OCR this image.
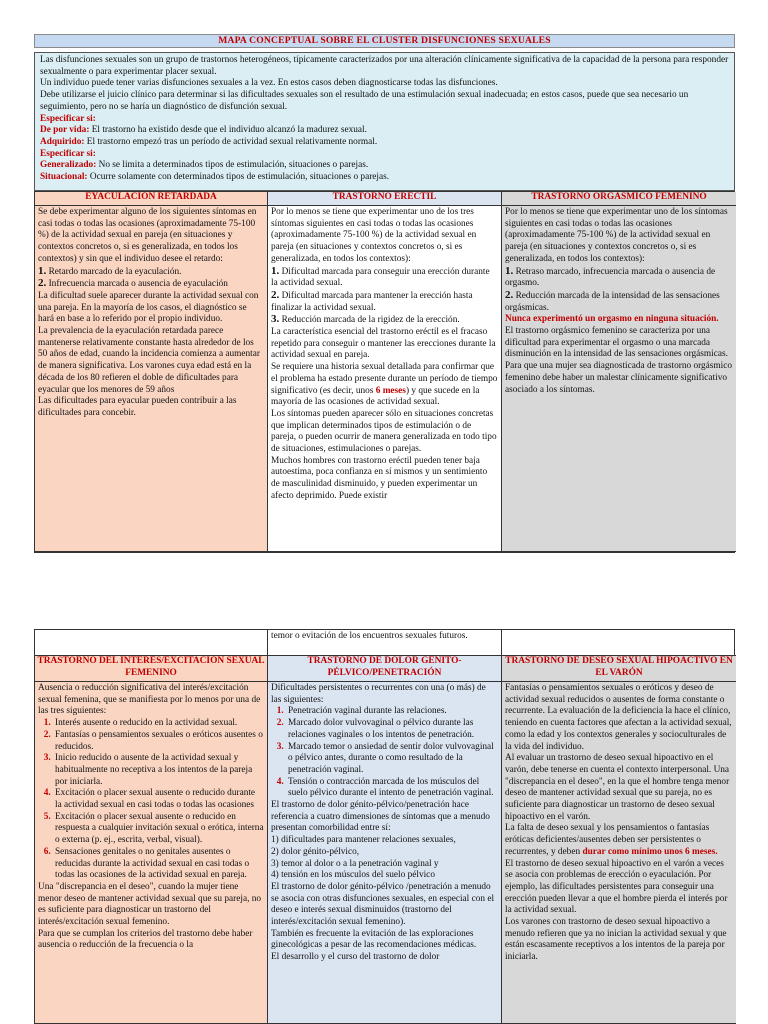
MAPA CONCEPTUAL SOBRE EL CLUSTER DISFUNCIONES SEXUALES

Las disfunciones sexuales son un grupo de trastornos heterogéneos, típicamente caracterizados por una alteración clínicamente significativa de la capacidad de la persona para responder sexualmente o para experimentar placer sexual.

Un individuo puede tener varias disfunciones sexuales a la vez. En estos casos deben diagnosticarse todas las disfunciones.

Debe utilizarse el juicio clínico para determinar si las dificultades sexuales son el resultado de una estimulación sexual inadecuada; en estos casos, puede que sea necesario un seguimiento, pero no se haría un diagnóstico de disfunción sexual.

Especificar si:

De por vida: El trastorno ha existido desde que el individuo alcanzó la madurez sexual.

Adquirido: El trastorno empezó tras un período de actividad sexual relativamente normal.

Especificar si:

Generalizado: No se limita a determinados tipos de estimulación, situaciones o parejas.

Situacional: Ocurre solamente con determinados tipos de estimulación, situaciones o parejas.

EYACULACIÓN RETARDADA	TRASTORNO ERÉCTIL	TRASTORNO ORGÁSMICO FEMENINO

Se debe experimentar alguno de los siguientes síntomas en casi todas o todas las ocasiones (aproximadamente 75-100 %) de la actividad sexual en pareja (en situaciones y contextos concretos o, si es generalizada, en todos los contextos) y sin que el individuo desee el retardo:

1. Retardo marcado de la eyaculación.

2. Infrecuencia marcada o ausencia de eyaculación

La dificultad suele aparecer durante la actividad sexual con una pareja. En la mayoría de los casos, el diagnóstico se hará en base a lo referido por el propio individuo.

La prevalencia de la eyaculación retardada parece mantenerse relativamente constante hasta alrededor de los 50 años de edad, cuando la incidencia comienza a aumentar de manera significativa. Los varones cuya edad está en la década de los 80 refieren el doble de dificultades para eyacular que los menores de 59 años

Las dificultades para eyacular pueden contribuir a las dificultades para concebir.

Por lo menos se tiene que experimentar uno de los tres síntomas siguientes en casi todas o todas las ocasiones (aproximadamente 75-100 %) de la actividad sexual en pareja (en situaciones y contextos concretos o, si es generalizada, en todos los contextos):

1. Dificultad marcada para conseguir una erección durante la actividad sexual.

2. Dificultad marcada para mantener la erección hasta finalizar la actividad sexual.

3. Reducción marcada de la rigidez de la erección.

La característica esencial del trastorno eréctil es el fracaso repetido para conseguir o mantener las erecciones durante la actividad sexual en pareja.

Se requiere una historia sexual detallada para confirmar que el problema ha estado presente durante un período de tiempo significativo (es decir, unos 6 meses) y que sucede en la mayoría de las ocasiones de actividad sexual.

Los síntomas pueden aparecer sólo en situaciones concretas que implican determinados tipos de estimulación o de pareja, o pueden ocurrir de manera generalizada en todo tipo de situaciones, estimulaciones o parejas.

Muchos hombres con trastorno eréctil pueden tener baja autoestima, poca confianza en sí mismos y un sentimiento de masculinidad disminuido, y pueden experimentar un afecto deprimido. Puede existir

Por lo menos se tiene que experimentar uno de los síntomas siguientes en casi todas o todas las ocasiones (aproximadamente 75-100 %) de la actividad sexual en pareja (en situaciones y contextos concretos o, si es generalizada, en todos los contextos):

1. Retraso marcado, infrecuencia marcada o ausencia de orgasmo.

2. Reducción marcada de la intensidad de las sensaciones orgásmicas.

Nunca experimentó un orgasmo en ninguna situación.

El trastorno orgásmico femenino se caracteriza por una dificultad para experimentar el orgasmo o una marcada disminución en la intensidad de las sensaciones orgásmicas.

Para que una mujer sea diagnosticada de trastorno orgásmico femenino debe haber un malestar clínicamente significativo asociado a los síntomas.

temor o evitación de los encuentros sexuales futuros.
TRASTORNO DEL INTERÉS/EXCITACIÓN SEXUAL FEMENINO
TRASTORNO DE DOLOR GENITO-PÉLVICO/PENETRACIÓN
TRASTORNO DE DESEO SEXUAL HIPOACTIVO EN EL VARÓN

Ausencia o reducción significativa del interés/excitación sexual femenina, que se manifiesta por lo menos por una de las tres siguientes:

1. Interés ausente o reducido en la actividad sexual.
2. Fantasías o pensamientos sexuales o eróticos ausentes o reducidos.
3. Inicio reducido o ausente de la actividad sexual y habitualmente no receptiva a los intentos de la pareja por iniciarla.
4. Excitación o placer sexual ausente o reducido durante la actividad sexual en casi todas o todas las ocasiones
5. Excitación o placer sexual ausente o reducido en respuesta a cualquier invitación sexual o erótica, interna o externa (p. ej., escrita, verbal, visual).
6. Sensaciones genitales o no genitales ausentes o reducidas durante la actividad sexual en casi todas o todas las ocasiones de la actividad sexual en pareja.

Una "discrepancia en el deseo", cuando la mujer tiene menor deseo de mantener actividad sexual que su pareja, no es suficiente para diagnosticar un trastorno del interés/excitación sexual femenino.

Para que se cumplan los criterios del trastorno debe haber ausencia o reducción de la frecuencia o la

Dificultades persistentes o recurrentes con una (o más) de las siguientes:

1. Penetración vaginal durante las relaciones.
2. Marcado dolor vulvovaginal o pélvico durante las relaciones vaginales o los intentos de penetración.
3. Marcado temor o ansiedad de sentir dolor vulvovaginal o pélvico antes, durante o como resultado de la penetración vaginal.
4. Tensión o contracción marcada de los músculos del suelo pélvico durante el intento de penetración vaginal.

El trastorno de dolor génito-pélvico/penetración hace referencia a cuatro dimensiones de síntomas que a menudo presentan comorbilidad entre sí:

1) dificultades para mantener relaciones sexuales,

2) dolor génito-pélvico,

3) temor al dolor o a la penetración vaginal y

4) tensión en los músculos del suelo pélvico

El trastorno de dolor génito-pélvico /penetración a menudo se asocia con otras disfunciones sexuales, en especial con el deseo e interés sexual disminuidos (trastorno del interés/excitación sexual femenino).

También es frecuente la evitación de las exploraciones ginecológicas a pesar de las recomendaciones médicas.

El desarrollo y el curso del trastorno de dolor

Fantasías o pensamientos sexuales o eróticos y deseo de actividad sexual reducidos o ausentes de forma constante o recurrente. La evaluación de la deficiencia la hace el clínico, teniendo en cuenta factores que afectan a la actividad sexual, como la edad y los contextos generales y socioculturales de la vida del individuo.

Al evaluar un trastorno de deseo sexual hipoactivo en el varón, debe tenerse en cuenta el contexto interpersonal. Una "discrepancia en el deseo", en la que el hombre tenga menor deseo de mantener actividad sexual que su pareja, no es suficiente para diagnosticar un trastorno de deseo sexual hipoactivo en el varón.

La falta de deseo sexual y los pensamientos o fantasías eróticas deficientes/ausentes deben ser persistentes o recurrentes, y deben durar como mínimo unos 6 meses.

El trastorno de deseo sexual hipoactivo en el varón a veces se asocia con problemas de erección o eyaculación. Por ejemplo, las dificultades persistentes para conseguir una erección pueden llevar a que el hombre pierda el interés por la actividad sexual.

Los varones con trastorno de deseo sexual hipoactivo a menudo refieren que ya no inician la actividad sexual y que están escasamente receptivos a los intentos de la pareja por iniciarla.
